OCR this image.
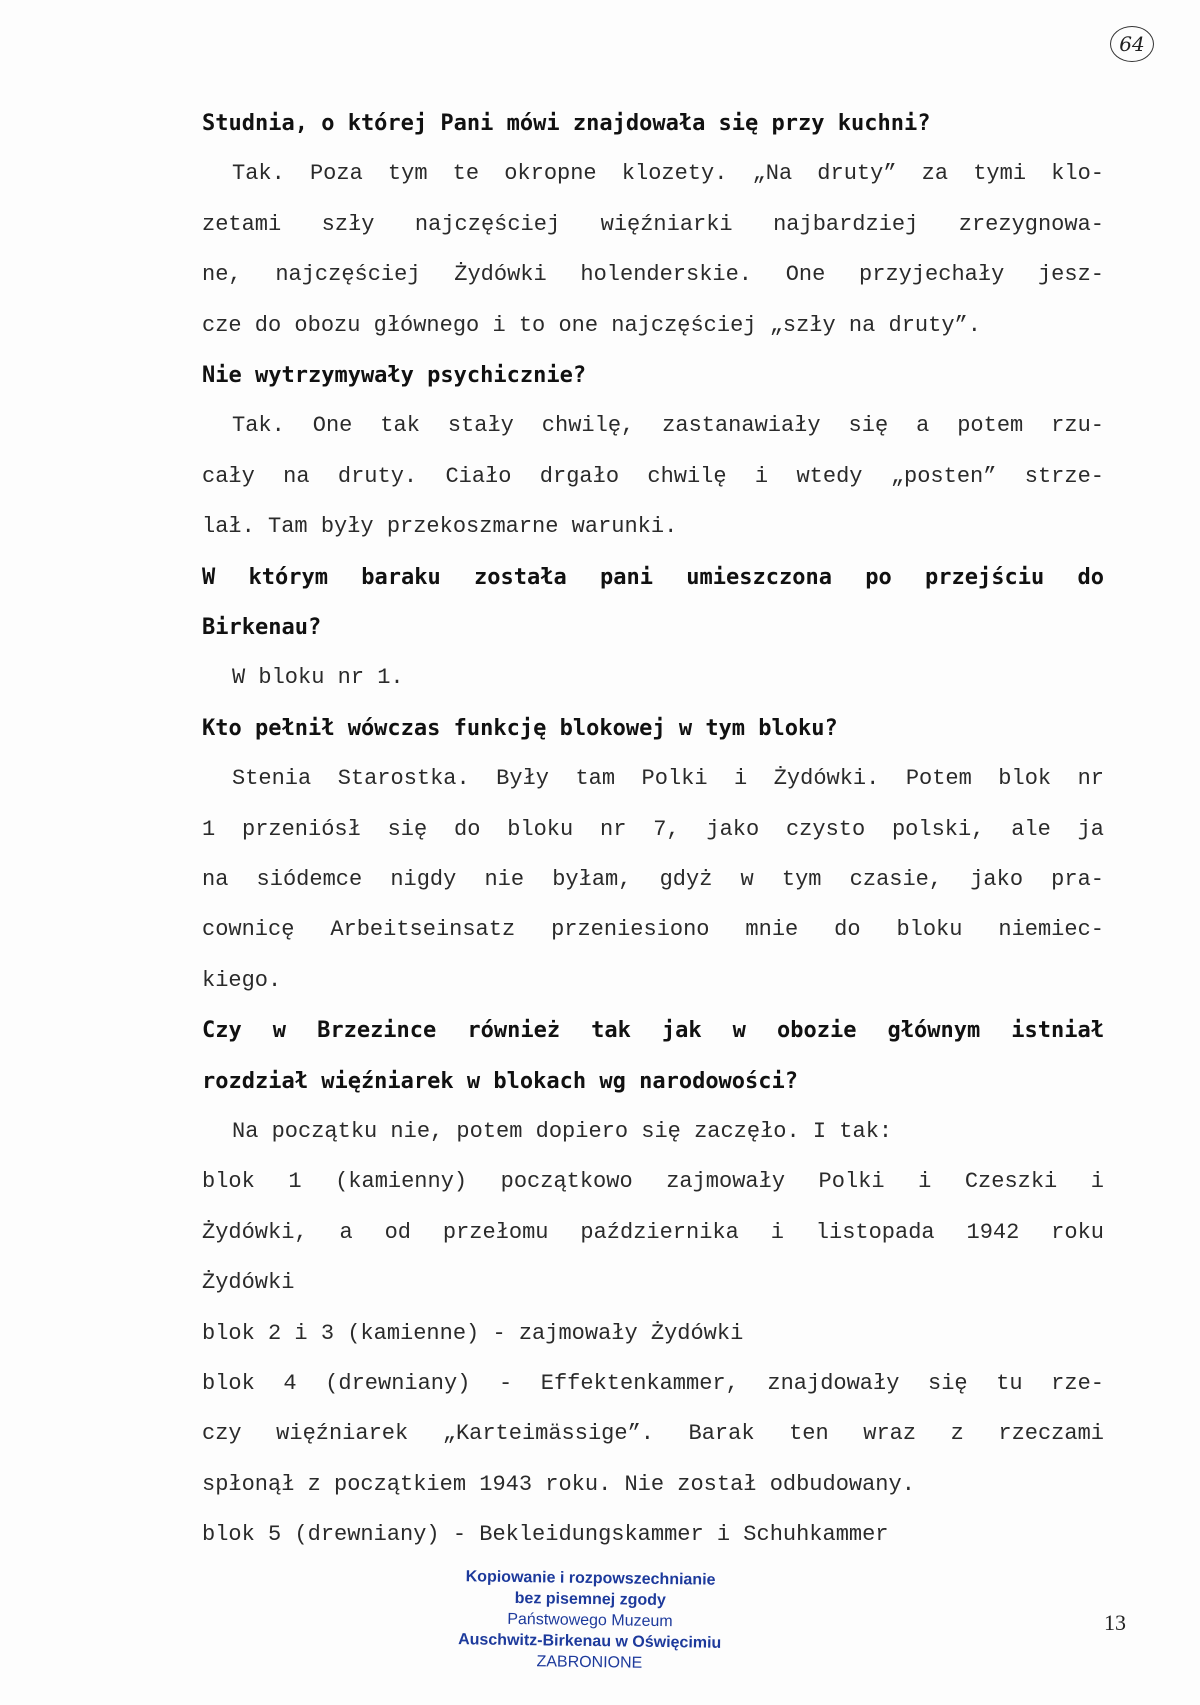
64
Studnia, o której Pani mówi znajdowała się przy kuchni?
Tak. Poza tym te okropne klozety. „Na druty” za tymi klo-
zetami szły najczęściej więźniarki najbardziej zrezygnowa-
ne, najczęściej Żydówki holenderskie. One przyjechały jesz-
cze do obozu głównego i to one najczęściej „szły na druty”.
Nie wytrzymywały psychicznie?
Tak. One tak stały chwilę, zastanawiały się a potem rzu-
cały na druty. Ciało drgało chwilę i wtedy „posten” strze-
lał. Tam były przekoszmarne warunki.
W którym baraku została pani umieszczona po przejściu do
Birkenau?
W bloku nr 1.
Kto pełnił wówczas funkcję blokowej w tym bloku?
Stenia Starostka. Były tam Polki i Żydówki. Potem blok nr
1 przeniósł się do bloku nr 7, jako czysto polski, ale ja
na siódemce nigdy nie byłam, gdyż w tym czasie, jako pra-
cownicę Arbeitseinsatz przeniesiono mnie do bloku niemiec-
kiego.
Czy w Brzezince również tak jak w obozie głównym istniał
rozdział więźniarek w blokach wg narodowości?
Na początku nie, potem dopiero się zaczęło. I tak:
blok 1 (kamienny) początkowo zajmowały Polki i Czeszki i
Żydówki, a od przełomu października i listopada 1942 roku
Żydówki
blok 2 i 3 (kamienne) - zajmowały Żydówki
blok 4 (drewniany) - Effektenkammer, znajdowały się tu rze-
czy więźniarek „Karteimässige”. Barak ten wraz z rzeczami
spłonął z początkiem 1943 roku. Nie został odbudowany.
blok 5 (drewniany) - Bekleidungskammer i Schuhkammer
Kopiowanie i rozpowszechnianie
bez pisemnej zgody
Państwowego Muzeum
Auschwitz-Birkenau w Oświęcimiu
ZABRONIONE
13
